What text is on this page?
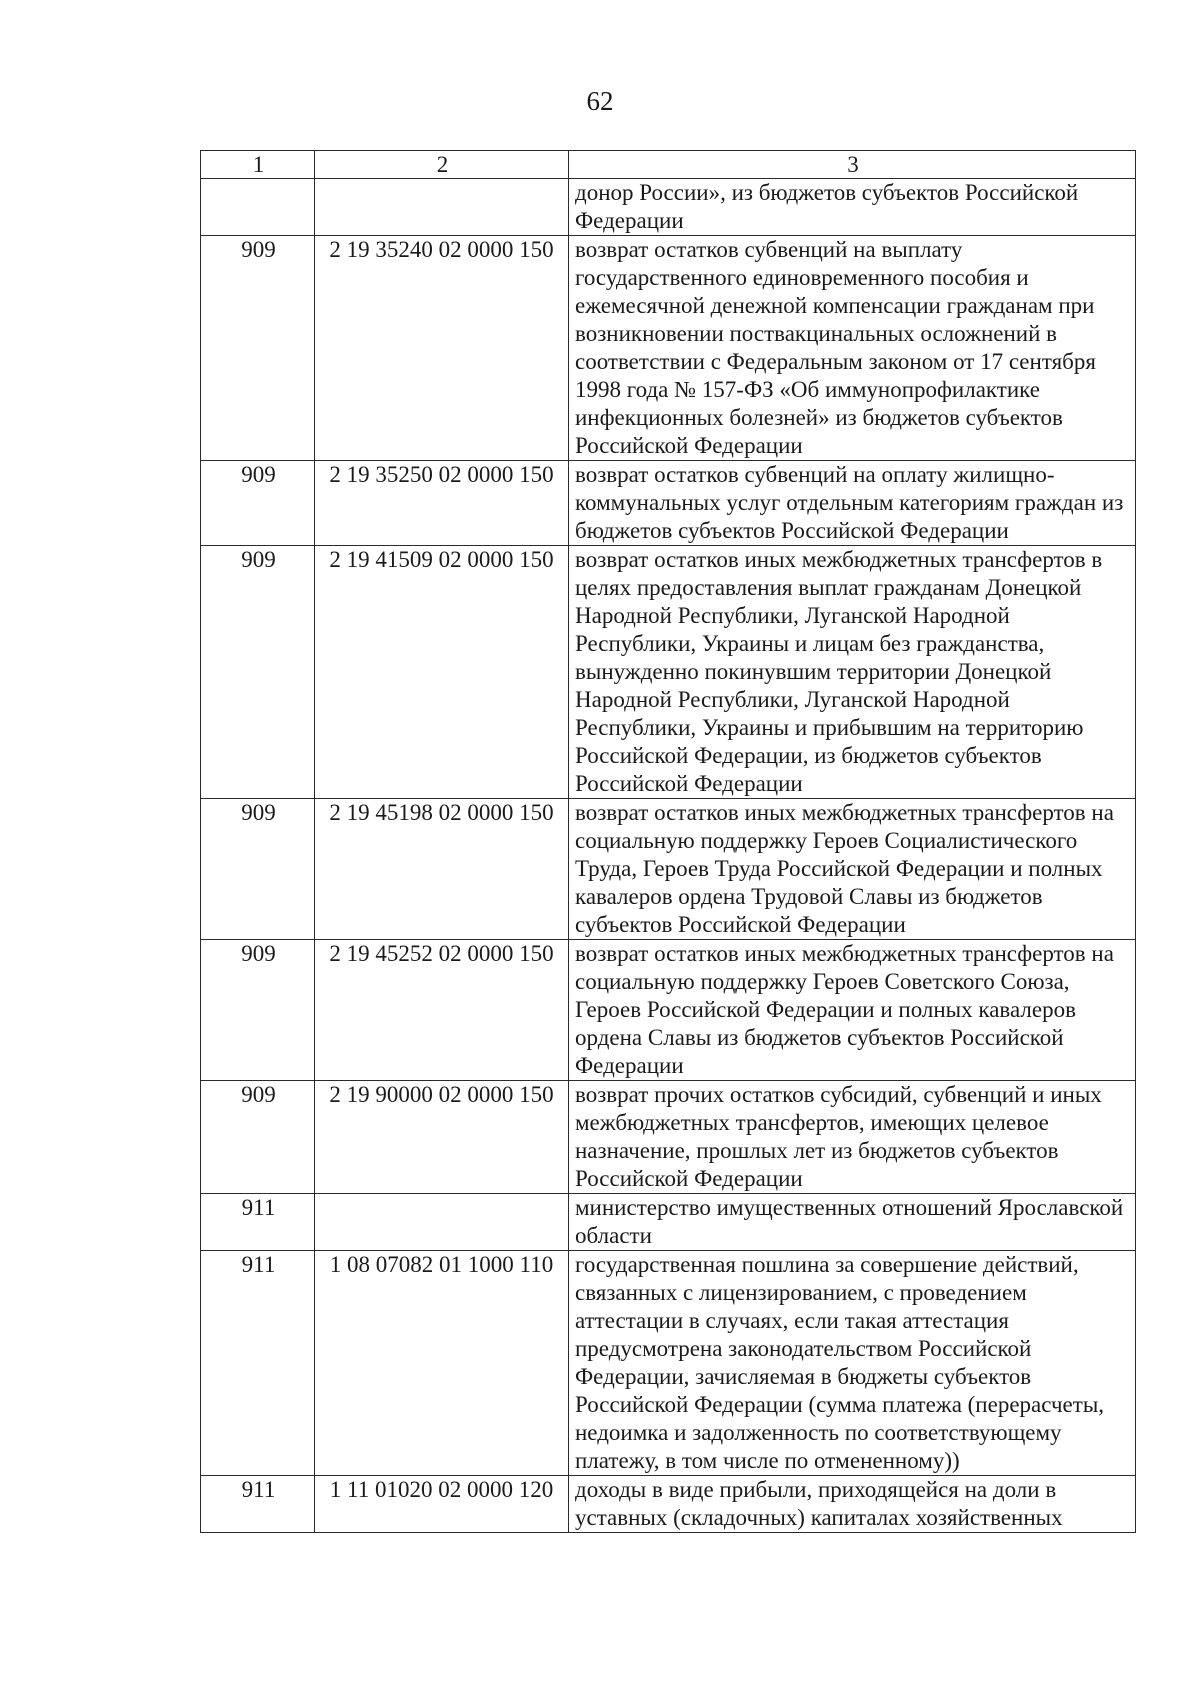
62
1	2	3
		донор России», из бюджетов субъектов Российской Федерации
909	2 19 35240 02 0000 150	возврат остатков субвенций на выплату государственного единовременного пособия и ежемесячной денежной компенсации гражданам при возникновении поствакцинальных осложнений в соответствии с Федеральным законом от 17 сентября 1998 года № 157-ФЗ «Об иммунопрофилактике инфекционных болезней» из бюджетов субъектов Российской Федерации
909	2 19 35250 02 0000 150	возврат остатков субвенций на оплату жилищно-коммунальных услуг отдельным категориям граждан из бюджетов субъектов Российской Федерации
909	2 19 41509 02 0000 150	возврат остатков иных межбюджетных трансфертов в целях предоставления выплат гражданам Донецкой Народной Республики, Луганской Народной Республики, Украины и лицам без гражданства, вынужденно покинувшим территории Донецкой Народной Республики, Луганской Народной Республики, Украины и прибывшим на территорию Российской Федерации, из бюджетов субъектов Российской Федерации
909	2 19 45198 02 0000 150	возврат остатков иных межбюджетных трансфертов на социальную поддержку Героев Социалистического Труда, Героев Труда Российской Федерации и полных кавалеров ордена Трудовой Славы из бюджетов субъектов Российской Федерации
909	2 19 45252 02 0000 150	возврат остатков иных межбюджетных трансфертов на социальную поддержку Героев Советского Союза, Героев Российской Федерации и полных кавалеров ордена Славы из бюджетов субъектов Российской Федерации
909	2 19 90000 02 0000 150	возврат прочих остатков субсидий, субвенций и иных межбюджетных трансфертов, имеющих целевое назначение, прошлых лет из бюджетов субъектов Российской Федерации
911		министерство имущественных отношений Ярославской области
911	1 08 07082 01 1000 110	государственная пошлина за совершение действий, связанных с лицензированием, с проведением аттестации в случаях, если такая аттестация предусмотрена законодательством Российской Федерации, зачисляемая в бюджеты субъектов Российской Федерации (сумма платежа (перерасчеты, недоимка и задолженность по соответствующему платежу, в том числе по отмененному))
911	1 11 01020 02 0000 120	доходы в виде прибыли, приходящейся на доли в уставных (складочных) капиталах хозяйственных
